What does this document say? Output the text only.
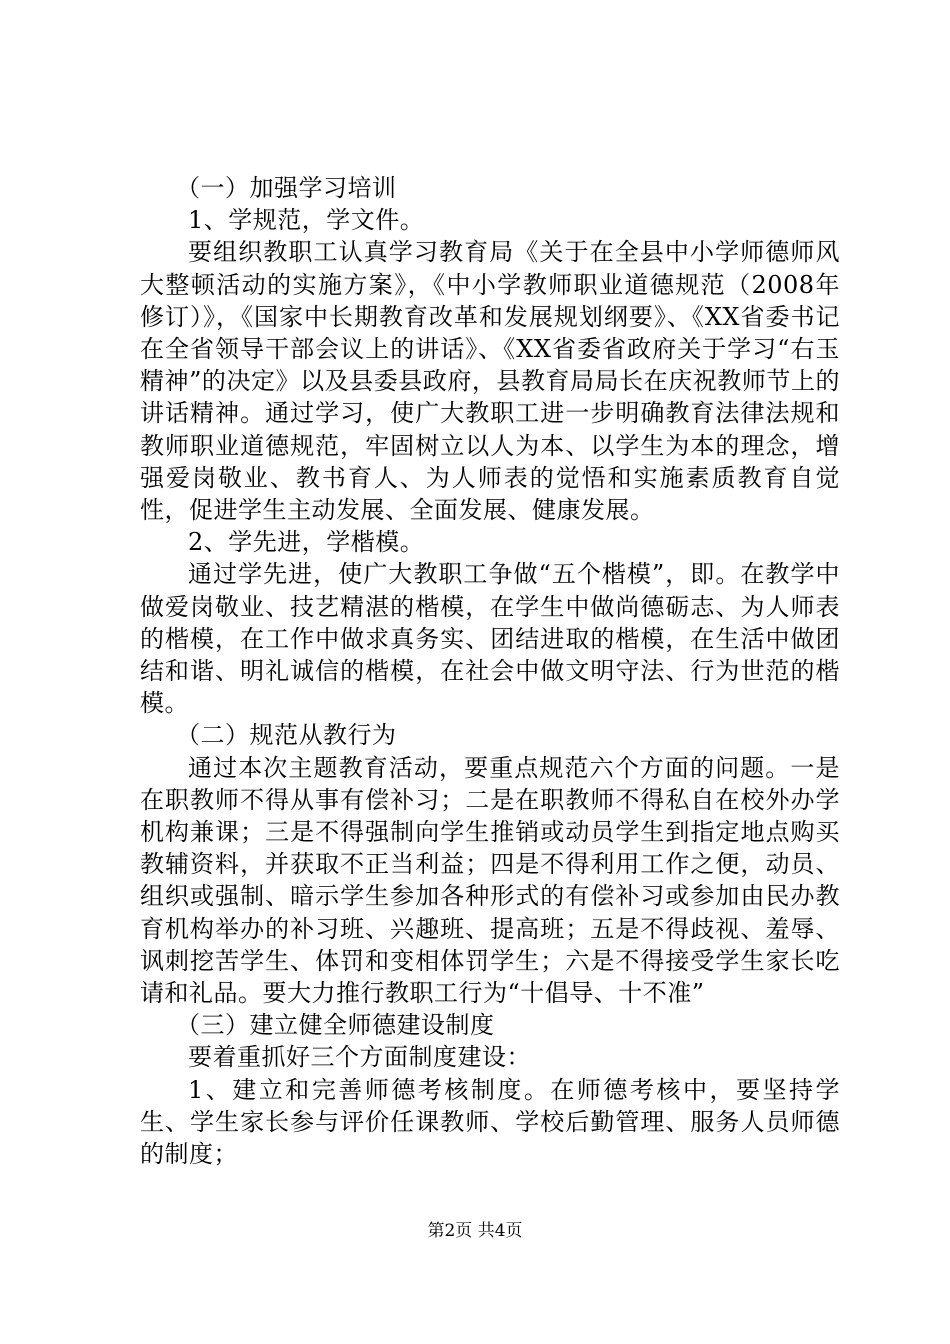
（一）加强学习培训

1、学规范，学文件。

要组织教职工认真学习教育局《关于在全县中小学师德师风大整顿活动的实施方案》，《中小学教师职业道德规范（2008年修订）》，《国家中长期教育改革和发展规划纲要》、《XX省委书记在全省领导干部会议上的讲话》、《XX省委省政府关于学习“右玉精神”的决定》以及县委县政府，县教育局局长在庆祝教师节上的讲话精神。通过学习，使广大教职工进一步明确教育法律法规和教师职业道德规范，牢固树立以人为本、以学生为本的理念，增强爱岗敬业、教书育人、为人师表的觉悟和实施素质教育自觉性，促进学生主动发展、全面发展、健康发展。

2、学先进，学楷模。

通过学先进，使广大教职工争做“五个楷模”，即。在教学中做爱岗敬业、技艺精湛的楷模，在学生中做尚德砺志、为人师表的楷模，在工作中做求真务实、团结进取的楷模，在生活中做团结和谐、明礼诚信的楷模，在社会中做文明守法、行为世范的楷模。

（二）规范从教行为

通过本次主题教育活动，要重点规范六个方面的问题。一是在职教师不得从事有偿补习；二是在职教师不得私自在校外办学机构兼课；三是不得强制向学生推销或动员学生到指定地点购买教辅资料，并获取不正当利益；四是不得利用工作之便，动员、组织或强制、暗示学生参加各种形式的有偿补习或参加由民办教育机构举办的补习班、兴趣班、提高班；五是不得歧视、羞辱、讽刺挖苦学生、体罚和变相体罚学生；六是不得接受学生家长吃请和礼品。要大力推行教职工行为“十倡导、十不准”

（三）建立健全师德建设制度

要着重抓好三个方面制度建设：

1、建立和完善师德考核制度。在师德考核中，要坚持学生、学生家长参与评价任课教师、学校后勤管理、服务人员师德的制度；

第2页 共4页
